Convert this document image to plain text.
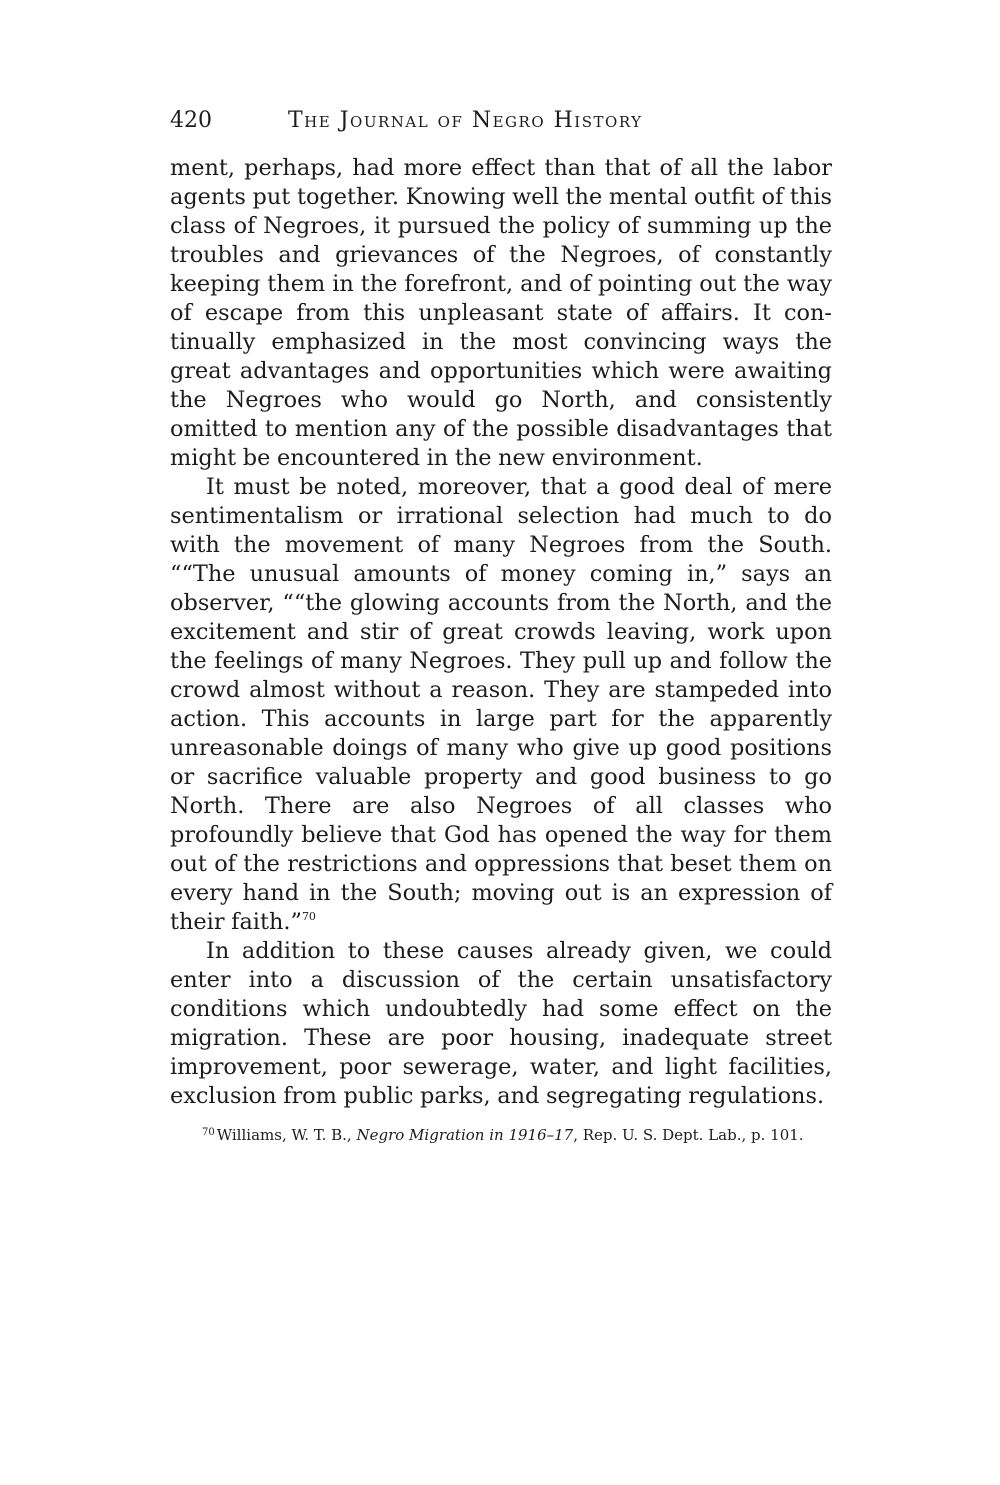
420	The Journal of Negro History

ment, perhaps, had more effect than that of all the labor agents put together. Knowing well the mental outfit of this class of Negroes, it pursued the policy of summing up the troubles and grievances of the Negroes, of constantly keeping them in the forefront, and of pointing out the way of escape from this unpleasant state of affairs. It continually emphasized in the most convincing ways the great advantages and opportunities which were awaiting the Negroes who would go North, and consistently omitted to mention any of the possible disadvantages that might be encountered in the new environment.

It must be noted, moreover, that a good deal of mere sentimentalism or irrational selection had much to do with the movement of many Negroes from the South. ““The unusual amounts of money coming in,” says an observer, ““the glowing accounts from the North, and the excitement and stir of great crowds leaving, work upon the feelings of many Negroes. They pull up and follow the crowd almost without a reason. They are stampeded into action. This accounts in large part for the apparently unreasonable doings of many who give up good positions or sacrifice valuable property and good business to go North. There are also Negroes of all classes who profoundly believe that God has opened the way for them out of the restrictions and oppressions that beset them on every hand in the South; moving out is an expression of their faith.”$^{70}$

In addition to these causes already given, we could enter into a discussion of the certain unsatisfactory conditions which undoubtedly had some effect on the migration. These are poor housing, inadequate street improvement, poor sewerage, water, and light facilities, exclusion from public parks, and segregating regulations.

$^{70}$ Williams, W. T. B., Negro Migration in 1916–17, Rep. U. S. Dept. Lab., p. 101.
